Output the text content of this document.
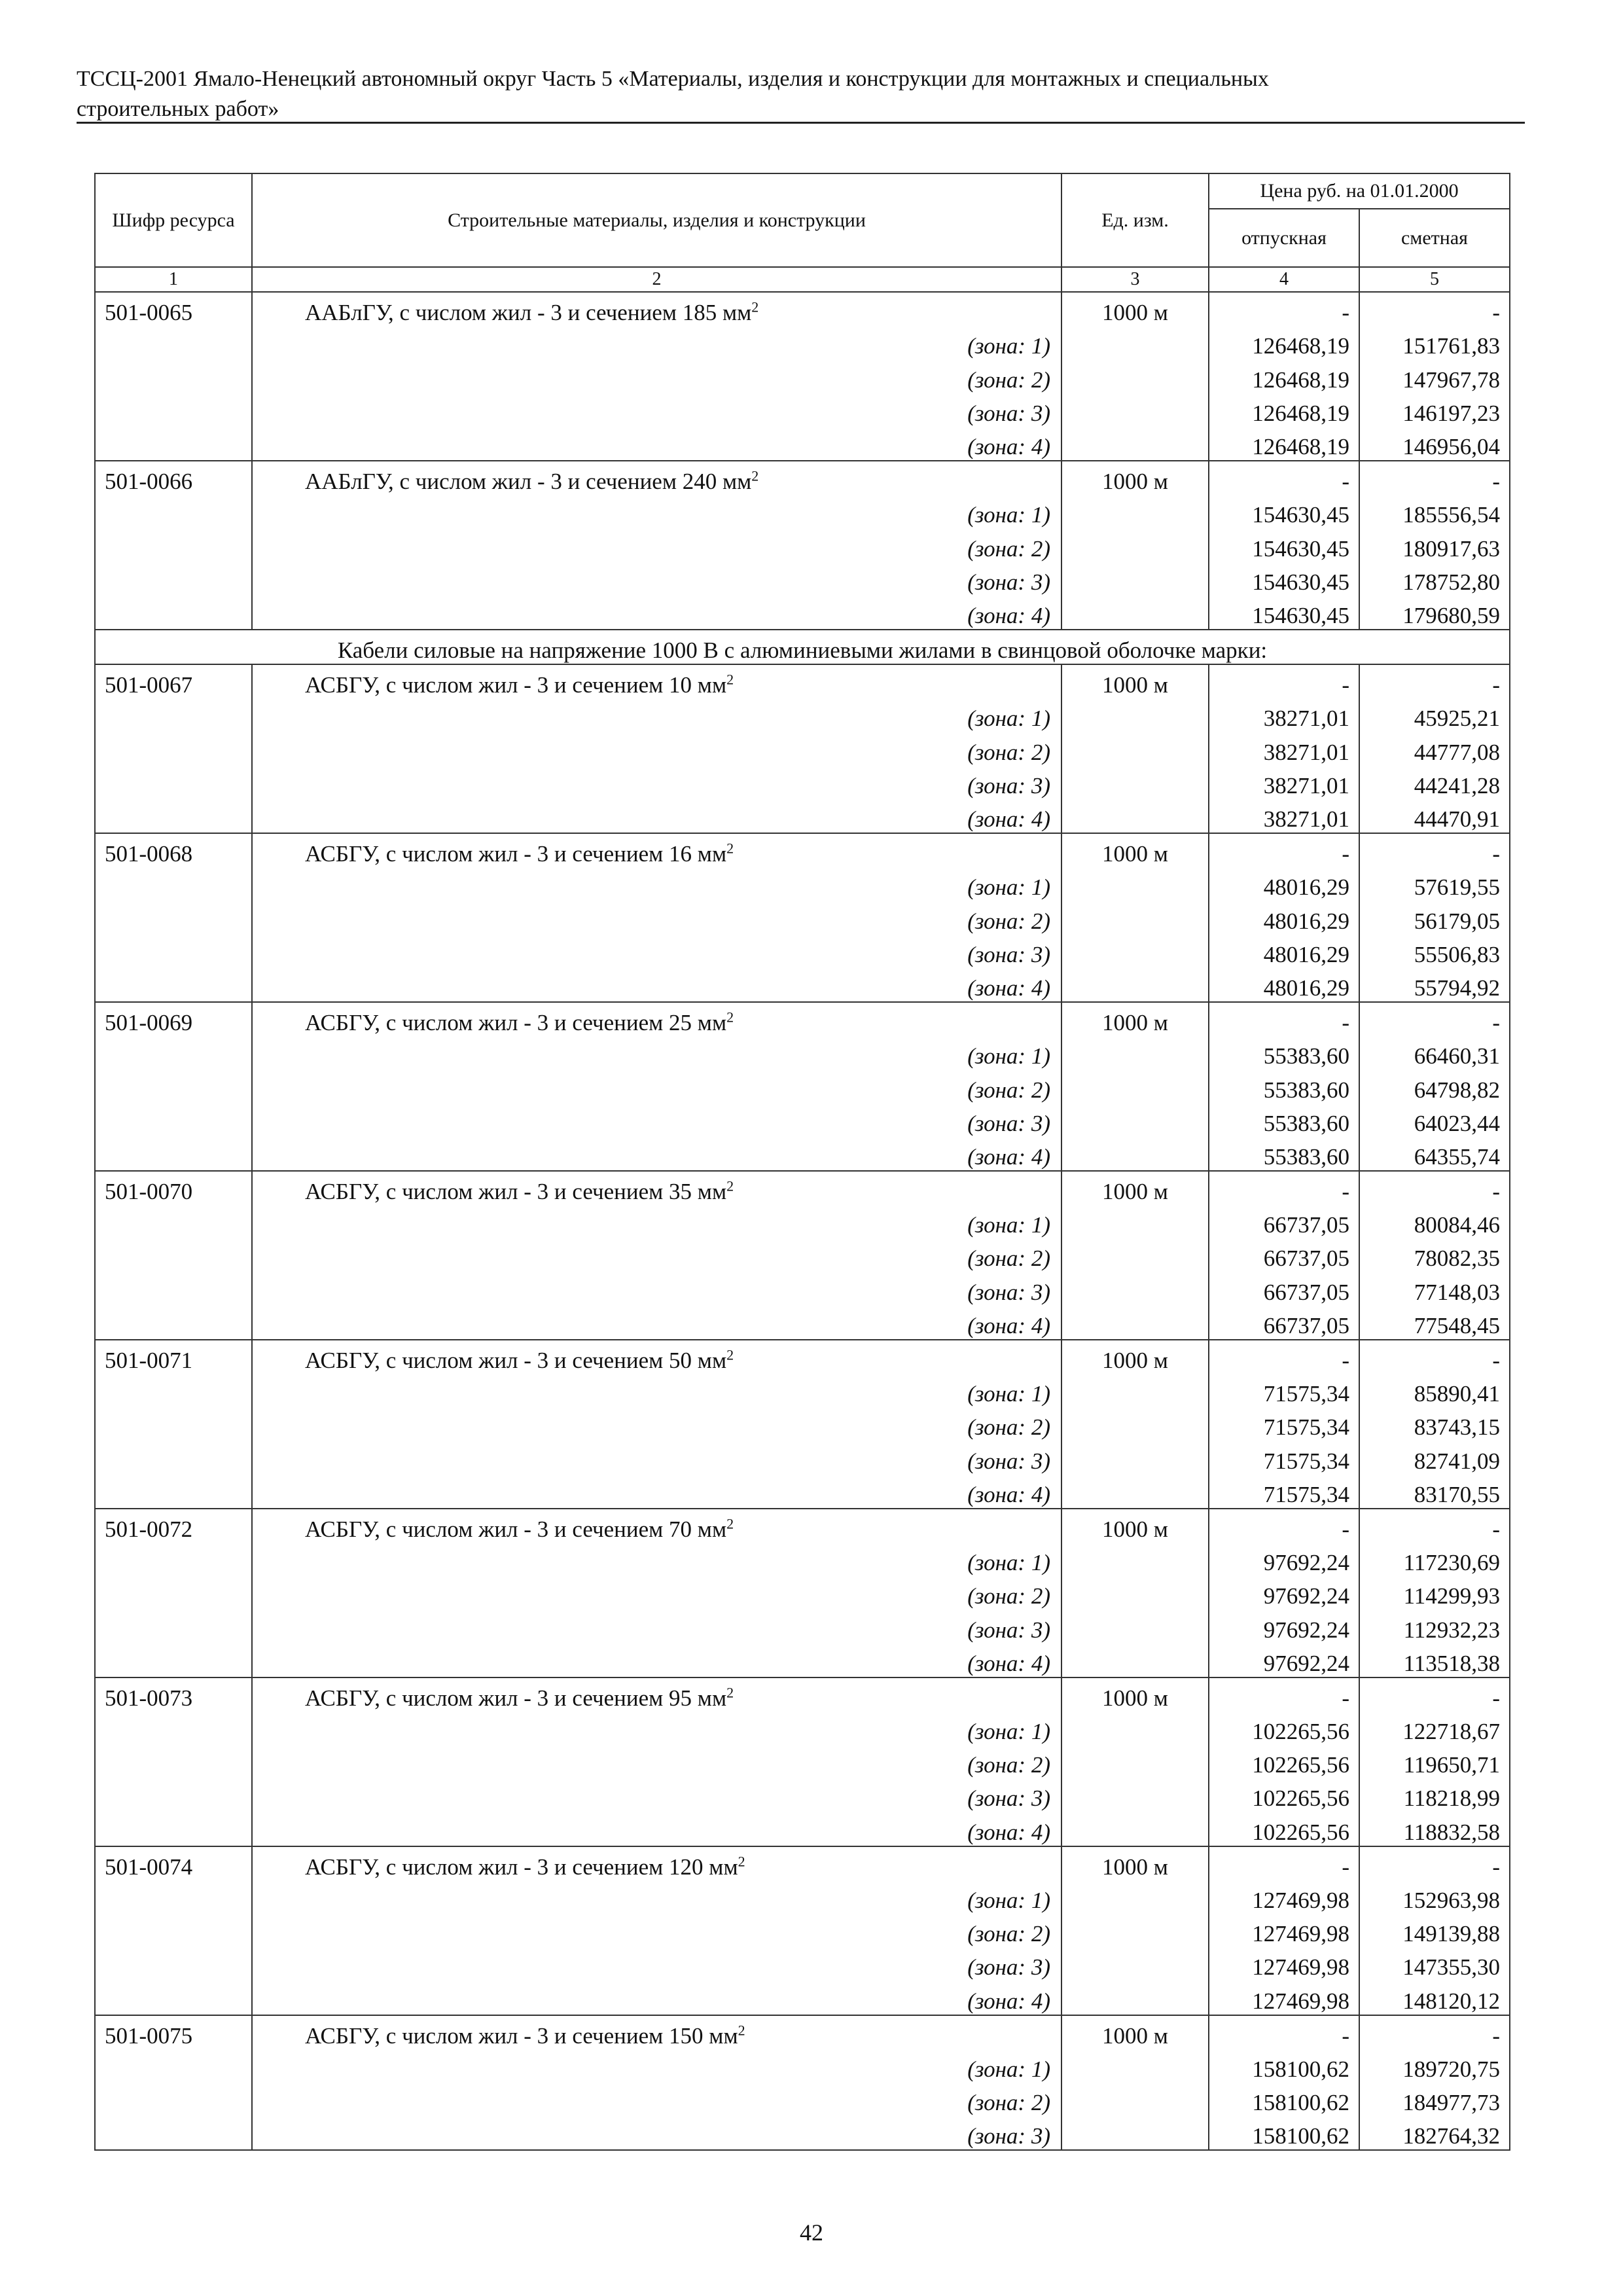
ТССЦ-2001 Ямало-Ненецкий автономный округ Часть 5 «Материалы, изделия и конструкции для монтажных и специальных
строительных работ»
Шифр ресурса	Строительные материалы, изделия и конструкции	Ед. изм.	Цена руб. на 01.01.2000	
			отпускная	сметная
1	2	3	4	5
501-0065	ААБлГУ, с числом жил - 3 и сечением 185 $мм^2$	1000 м	-	-
	(зона: 1)		126468,19	151761,83
	(зона: 2)		126468,19	147967,78
	(зона: 3)		126468,19	146197,23
	(зона: 4)		126468,19	146956,04
501-0066	ААБлГУ, с числом жил - 3 и сечением 240 $мм^2$	1000 м	-	-
	(зона: 1)		154630,45	185556,54
	(зона: 2)		154630,45	180917,63
	(зона: 3)		154630,45	178752,80
	(зона: 4)		154630,45	179680,59
Кабели силовые на напряжение 1000 В с алюминиевыми жилами в свинцовой оболочке марки:				
501-0067	АСБГУ, с числом жил - 3 и сечением 10 $мм^2$	1000 м	-	-
	(зона: 1)		38271,01	45925,21
	(зона: 2)		38271,01	44777,08
	(зона: 3)		38271,01	44241,28
	(зона: 4)		38271,01	44470,91
501-0068	АСБГУ, с числом жил - 3 и сечением 16 $мм^2$	1000 м	-	-
	(зона: 1)		48016,29	57619,55
	(зона: 2)		48016,29	56179,05
	(зона: 3)		48016,29	55506,83
	(зона: 4)		48016,29	55794,92
501-0069	АСБГУ, с числом жил - 3 и сечением 25 $мм^2$	1000 м	-	-
	(зона: 1)		55383,60	66460,31
	(зона: 2)		55383,60	64798,82
	(зона: 3)		55383,60	64023,44
	(зона: 4)		55383,60	64355,74
501-0070	АСБГУ, с числом жил - 3 и сечением 35 $мм^2$	1000 м	-	-
	(зона: 1)		66737,05	80084,46
	(зона: 2)		66737,05	78082,35
	(зона: 3)		66737,05	77148,03
	(зона: 4)		66737,05	77548,45
501-0071	АСБГУ, с числом жил - 3 и сечением 50 $мм^2$	1000 м	-	-
	(зона: 1)		71575,34	85890,41
	(зона: 2)		71575,34	83743,15
	(зона: 3)		71575,34	82741,09
	(зона: 4)		71575,34	83170,55
501-0072	АСБГУ, с числом жил - 3 и сечением 70 $мм^2$	1000 м	-	-
	(зона: 1)		97692,24	117230,69
	(зона: 2)		97692,24	114299,93
	(зона: 3)		97692,24	112932,23
	(зона: 4)		97692,24	113518,38
501-0073	АСБГУ, с числом жил - 3 и сечением 95 $мм^2$	1000 м	-	-
	(зона: 1)		102265,56	122718,67
	(зона: 2)		102265,56	119650,71
	(зона: 3)		102265,56	118218,99
	(зона: 4)		102265,56	118832,58
501-0074	АСБГУ, с числом жил - 3 и сечением 120 $мм^2$	1000 м	-	-
	(зона: 1)		127469,98	152963,98
	(зона: 2)		127469,98	149139,88
	(зона: 3)		127469,98	147355,30
	(зона: 4)		127469,98	148120,12
501-0075	АСБГУ, с числом жил - 3 и сечением 150 $мм^2$	1000 м	-	-
	(зона: 1)		158100,62	189720,75
	(зона: 2)		158100,62	184977,73
	(зона: 3)		158100,62	182764,32
42
